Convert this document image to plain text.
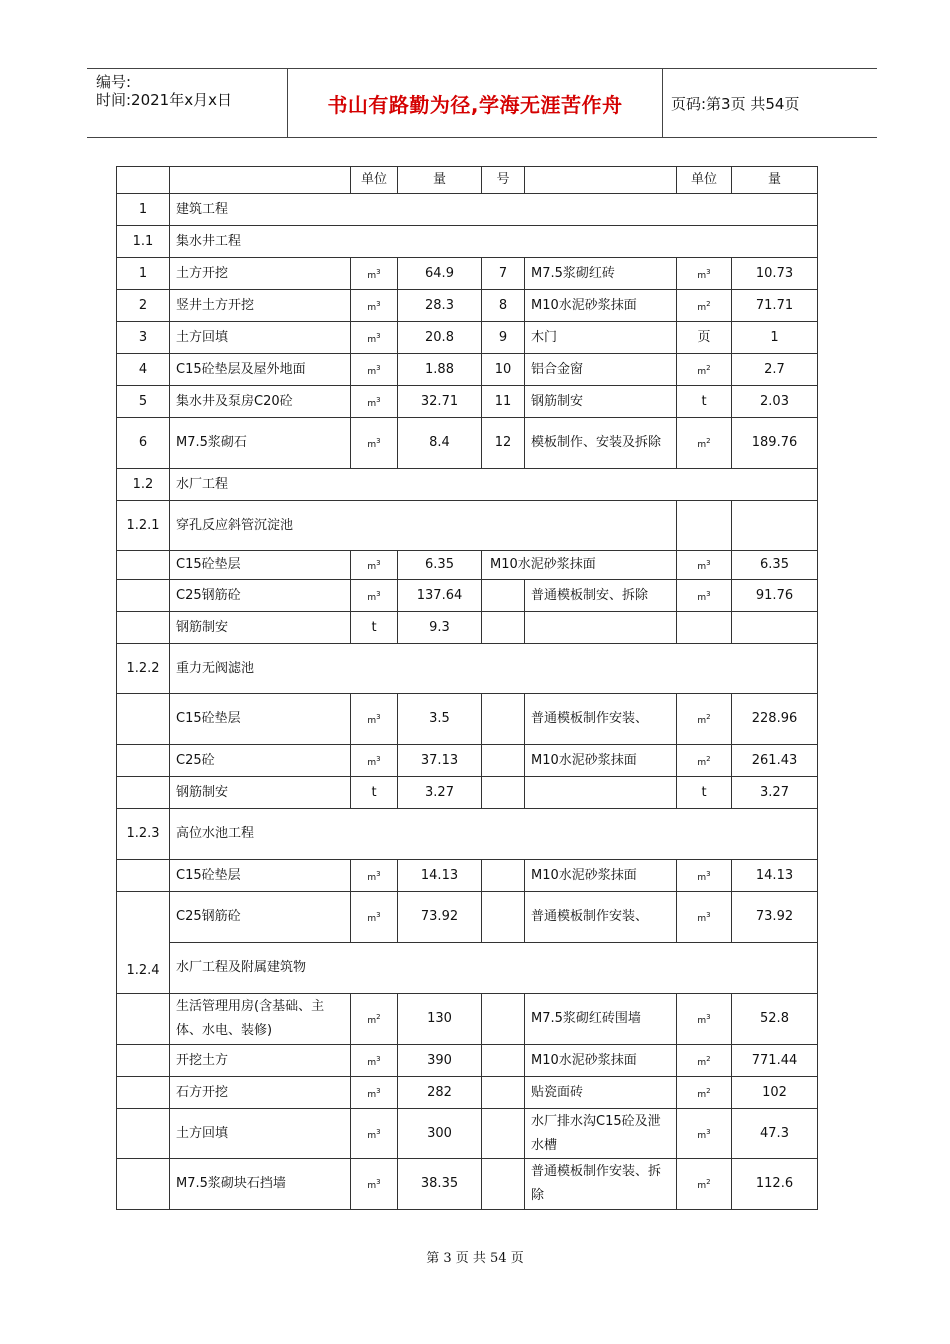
编号:
时间:2021年x月x日	书山有路勤为径,学海无涯苦作舟	页码:第3页 共54页
		单位	量	号		单位	量
1	建筑工程						
1.1	集水井工程						
1	土方开挖	$m^3$	64.9	7	M7.5浆砌红砖	$m^3$	10.73
2	竖井土方开挖	$m^3$	28.3	8	M10水泥砂浆抹面	$m^2$	71.71
3	土方回填	$m^3$	20.8	9	木门	页	1
4	C15砼垫层及屋外地面	$m^3$	1.88	10	铝合金窗	$m^2$	2.7
5	集水井及泵房C20砼	$m^3$	32.71	11	钢筋制安	t	2.03
6	M7.5浆砌石	$m^3$	8.4	12	模板制作、安装及拆除	$m^2$	189.76
1.2	水厂工程						
1.2.1	穿孔反应斜管沉淀池						
	C15砼垫层	$m^3$	6.35	M10水泥砂浆抹面		$m^3$	6.35
	C25钢筋砼	$m^3$	137.64		普通模板制安、拆除	$m^3$	91.76
	钢筋制安	t	9.3				
1.2.2	重力无阀滤池						
	C15砼垫层	$m^3$	3.5		普通模板制作安装、	$m^2$	228.96
	C25砼	$m^3$	37.13		M10水泥砂浆抹面	$m^2$	261.43
	钢筋制安	t	3.27			t	3.27
1.2.3	高位水池工程						
	C15砼垫层	$m^3$	14.13		M10水泥砂浆抹面	$m^3$	14.13
1.2.4	C25钢筋砼	$m^3$	73.92		普通模板制作安装、	$m^3$	73.92
	水厂工程及附属建筑物						
	生活管理用房(含基础、主体、水电、装修)	$m^2$	130		M7.5浆砌红砖围墙	$m^3$	52.8
	开挖土方	$m^3$	390		M10水泥砂浆抹面	$m^2$	771.44
	石方开挖	$m^3$	282		贴瓷面砖	$m^2$	102
	土方回填	$m^3$	300		水厂排水沟C15砼及泄水槽	$m^3$	47.3
	M7.5浆砌块石挡墙	$m^3$	38.35		普通模板制作安装、拆除	$m^2$	112.6
第 3 页 共 54 页
